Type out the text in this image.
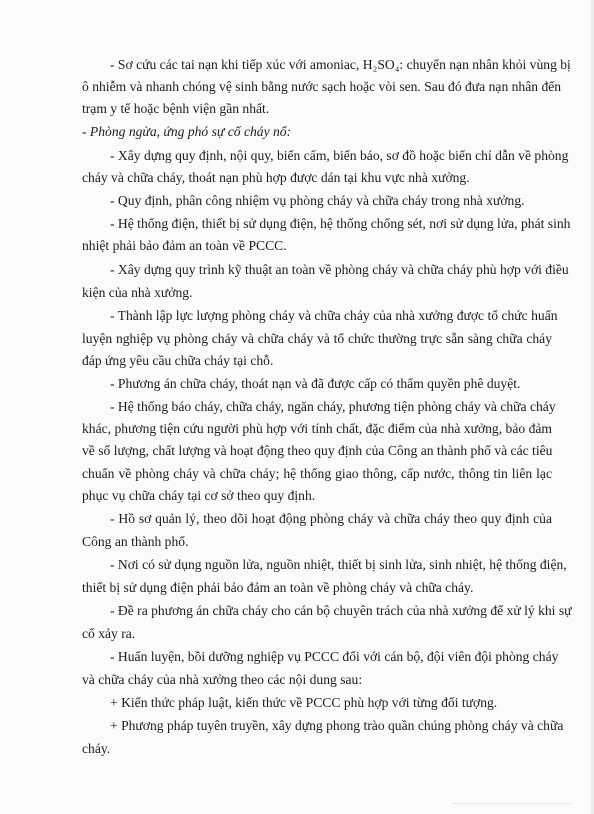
- Sơ cứu các tai nạn khi tiếp xúc với amoniac, H₂SO₄: chuyển nạn nhân khỏi vùng bị
ô nhiễm và nhanh chóng vệ sinh bằng nước sạch hoặc vòi sen. Sau đó đưa nạn nhân đến
trạm y tế hoặc bệnh viện gần nhất.
- Phòng ngừa, ứng phó sự cố cháy nổ:
- Xây dựng quy định, nội quy, biển cấm, biển báo, sơ đồ hoặc biển chỉ dẫn về phòng
cháy và chữa cháy, thoát nạn phù hợp được dán tại khu vực nhà xưởng.
- Quy định, phân công nhiệm vụ phòng cháy và chữa cháy trong nhà xưởng.
- Hệ thống điện, thiết bị sử dụng điện, hệ thống chống sét, nơi sử dụng lửa, phát sinh
nhiệt phải bảo đảm an toàn về PCCC.
- Xây dựng quy trình kỹ thuật an toàn về phòng cháy và chữa cháy phù hợp với điều
kiện của nhà xưởng.
- Thành lập lực lượng phòng cháy và chữa cháy của nhà xưởng được tổ chức huấn
luyện nghiệp vụ phòng cháy và chữa cháy và tổ chức thường trực sẵn sàng chữa cháy
đáp ứng yêu cầu chữa cháy tại chỗ.
- Phương án chữa cháy, thoát nạn và đã được cấp có thẩm quyền phê duyệt.
- Hệ thống báo cháy, chữa cháy, ngăn cháy, phương tiện phòng cháy và chữa cháy
khác, phương tiện cứu người phù hợp với tính chất, đặc điểm của nhà xưởng, bảo đảm
về số lượng, chất lượng và hoạt động theo quy định của Công an thành phố và các tiêu
chuẩn về phòng cháy và chữa cháy; hệ thống giao thông, cấp nước, thông tin liên lạc
phục vụ chữa cháy tại cơ sở theo quy định.
- Hồ sơ quản lý, theo dõi hoạt động phòng cháy và chữa cháy theo quy định của
Công an thành phố.
- Nơi có sử dụng nguồn lửa, nguồn nhiệt, thiết bị sinh lửa, sinh nhiệt, hệ thống điện,
thiết bị sử dụng điện phải bảo đảm an toàn về phòng cháy và chữa cháy.
- Đề ra phương án chữa cháy cho cán bộ chuyên trách của nhà xưởng để xử lý khi sự
cố xảy ra.
- Huấn luyện, bồi dưỡng nghiệp vụ PCCC đối với cán bộ, đội viên đội phòng cháy
và chữa cháy của nhà xưởng theo các nội dung sau:
+ Kiến thức pháp luật, kiến thức về PCCC phù hợp với từng đối tượng.
+ Phương pháp tuyên truyền, xây dựng phong trào quần chúng phòng cháy và chữa
cháy.
